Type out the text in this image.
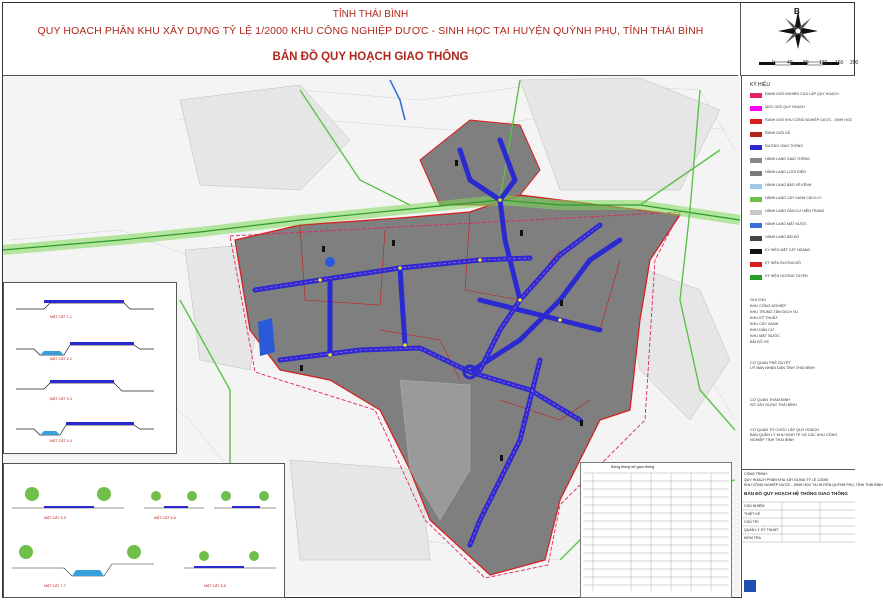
TỈNH THÁI BÌNH
QUY HOẠCH PHÂN KHU XÂY DỰNG TỶ LỆ 1/2000 KHU CÔNG NGHIỆP DƯỢC - SINH HỌC TẠI HUYỆN QUỲNH PHỤ, TỈNH THÁI BÌNH
BẢN ĐỒ QUY HOẠCH GIAO THÔNG
B
0 40 80 120 160 200
KÝ HIỆU
RANH GIỚI NGHIÊN CỨU LẬP QUY HOẠCH
MỐC GIỚI QUY HOẠCH
RANH GIỚI KHU CÔNG NGHIỆP DƯỢC - SINH HỌC
RANH GIỚI XÃ
ĐƯỜNG GIAO THÔNG
HÀNH LANG GIAO THÔNG
HÀNH LANG LƯỚI ĐIỆN
HÀNH LANG BẢO VỆ KÊNH
HÀNH LANG CÂY XANH CÁCH LY
HÀNH LANG DÂN CƯ HIỆN TRẠNG
HÀNH LANG MẶT NƯỚC
HÀNH LANG BÃI ĐỖ
KÝ HIỆU MẶT CẮT NGANG
KÝ HIỆU ĐƯỜNG ĐỎ
KÝ HIỆU HƯỚNG TUYẾN
GHI CHÚ
KHU CÔNG NGHIỆP
KHU TRUNG TÂM DỊCH VỤ
KHU KỸ THUẬT
KHU CÂY XANH
KHU DÂN CƯ
KHU MẶT NƯỚC
BÃI ĐỖ XE
CƠ QUAN PHÊ DUYỆT
UỶ BAN NHÂN DÂN TỈNH THÁI BÌNH
CƠ QUAN THẨM ĐỊNH
SỞ XÂY DỰNG THÁI BÌNH
CƠ QUAN TỔ CHỨC LẬP QUY HOẠCH
BAN QUẢN LÝ KHU KINH TẾ VÀ CÁC KHU CÔNG NGHIỆP TỈNH THÁI BÌNH
MẶT CẮT 1-1
MẶT CẮT 2-2
MẶT CẮT 3-3
MẶT CẮT 4-4
MẶT CẮT 5-5	MẶT CẮT 6-6
MẶT CẮT 7-7	MẶT CẮT 8-8
Bảng thống kê giao thông
CÔNG TRÌNH:
QUY HOẠCH PHÂN KHU XÂY DỰNG TỶ LỆ 1/2000
KHU CÔNG NGHIỆP DƯỢC - SINH HỌC TẠI HUYỆN QUỲNH PHỤ, TỈNH THÁI BÌNH
BẢN ĐỒ QUY HOẠCH HỆ THỐNG GIAO THÔNG
CHỦ NHIỆM
THIẾT KẾ
CHỦ TRÌ
QUẢN LÝ KỸ THUẬT
KIỂM TRA
